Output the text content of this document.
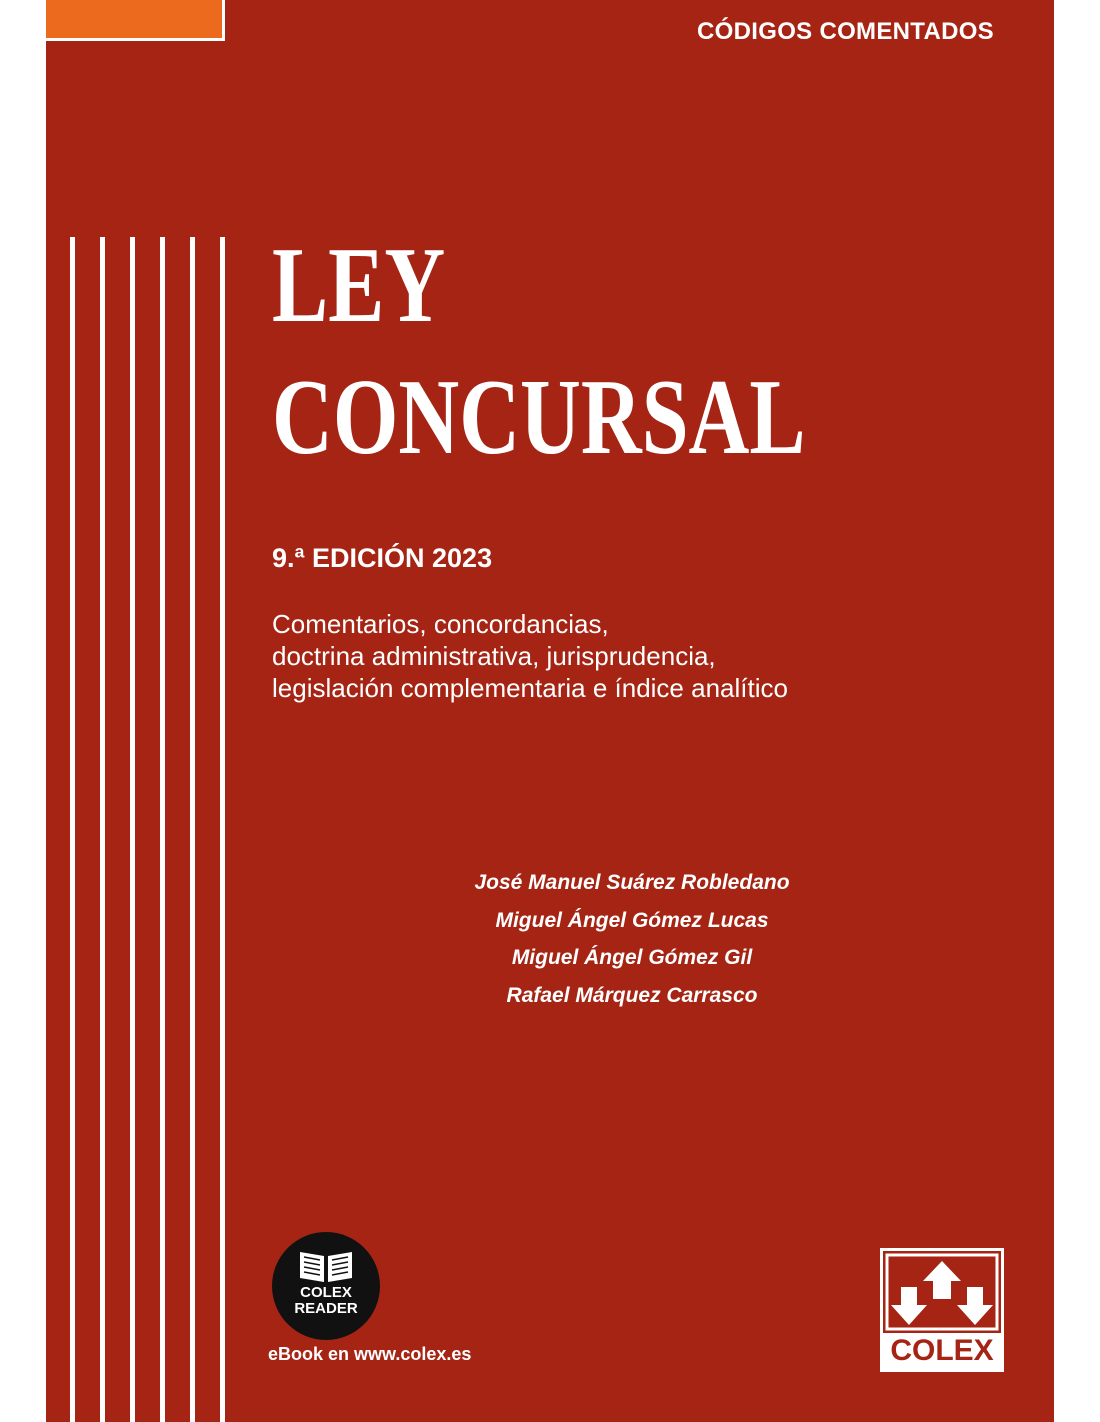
CÓDIGOS COMENTADOS
LEY
CONCURSAL
9.ª EDICIÓN 2023
Comentarios, concordancias,
doctrina administrativa, jurisprudencia,
legislación complementaria e índice analítico
José Manuel Suárez Robledano
Miguel Ángel Gómez Lucas
Miguel Ángel Gómez Gil
Rafael Márquez Carrasco
COLEX
READER
eBook en www.colex.es	COLEX
